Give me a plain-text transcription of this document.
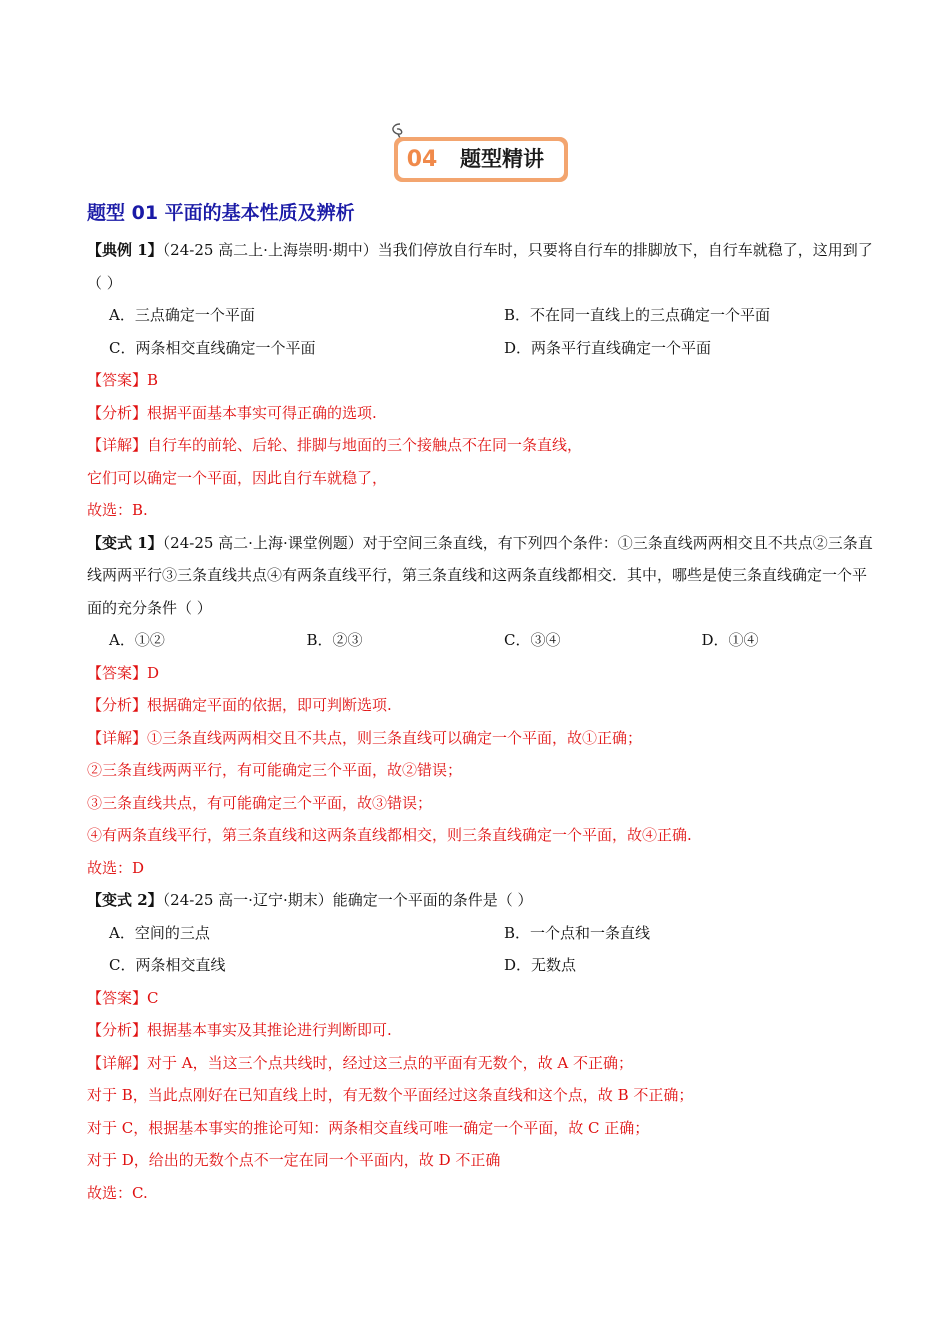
04	题型精讲
题型 01 平面的基本性质及辨析

【典例 1】（24-25 高二上·上海崇明·期中）当我们停放自行车时，只要将自行车的排脚放下，自行车就稳了，这用到了（ ）

A．三点确定一个平面	B．不在同一直线上的三点确定一个平面
C．两条相交直线确定一个平面	D．两条平行直线确定一个平面

【答案】B

【分析】根据平面基本事实可得正确的选项.

【详解】自行车的前轮、后轮、排脚与地面的三个接触点不在同一条直线，

它们可以确定一个平面，因此自行车就稳了，

故选：B.

【变式 1】（24-25 高二·上海·课堂例题）对于空间三条直线，有下列四个条件：①三条直线两两相交且不共点②三条直线两两平行③三条直线共点④有两条直线平行，第三条直线和这两条直线都相交．其中，哪些是使三条直线确定一个平面的充分条件（ ）

A．①②	B．②③	C．③④	D．①④

【答案】D

【分析】根据确定平面的依据，即可判断选项.

【详解】①三条直线两两相交且不共点，则三条直线可以确定一个平面，故①正确；

②三条直线两两平行，有可能确定三个平面，故②错误；

③三条直线共点，有可能确定三个平面，故③错误；

④有两条直线平行，第三条直线和这两条直线都相交，则三条直线确定一个平面，故④正确.

故选：D

【变式 2】（24-25 高一·辽宁·期末）能确定一个平面的条件是（ ）

A．空间的三点	B．一个点和一条直线
C．两条相交直线	D．无数点

【答案】C

【分析】根据基本事实及其推论进行判断即可.

【详解】对于 A，当这三个点共线时，经过这三点的平面有无数个，故 A 不正确；

对于 B，当此点刚好在已知直线上时，有无数个平面经过这条直线和这个点，故 B 不正确；

对于 C，根据基本事实的推论可知：两条相交直线可唯一确定一个平面，故 C 正确；

对于 D，给出的无数个点不一定在同一个平面内，故 D 不正确

故选：C.
